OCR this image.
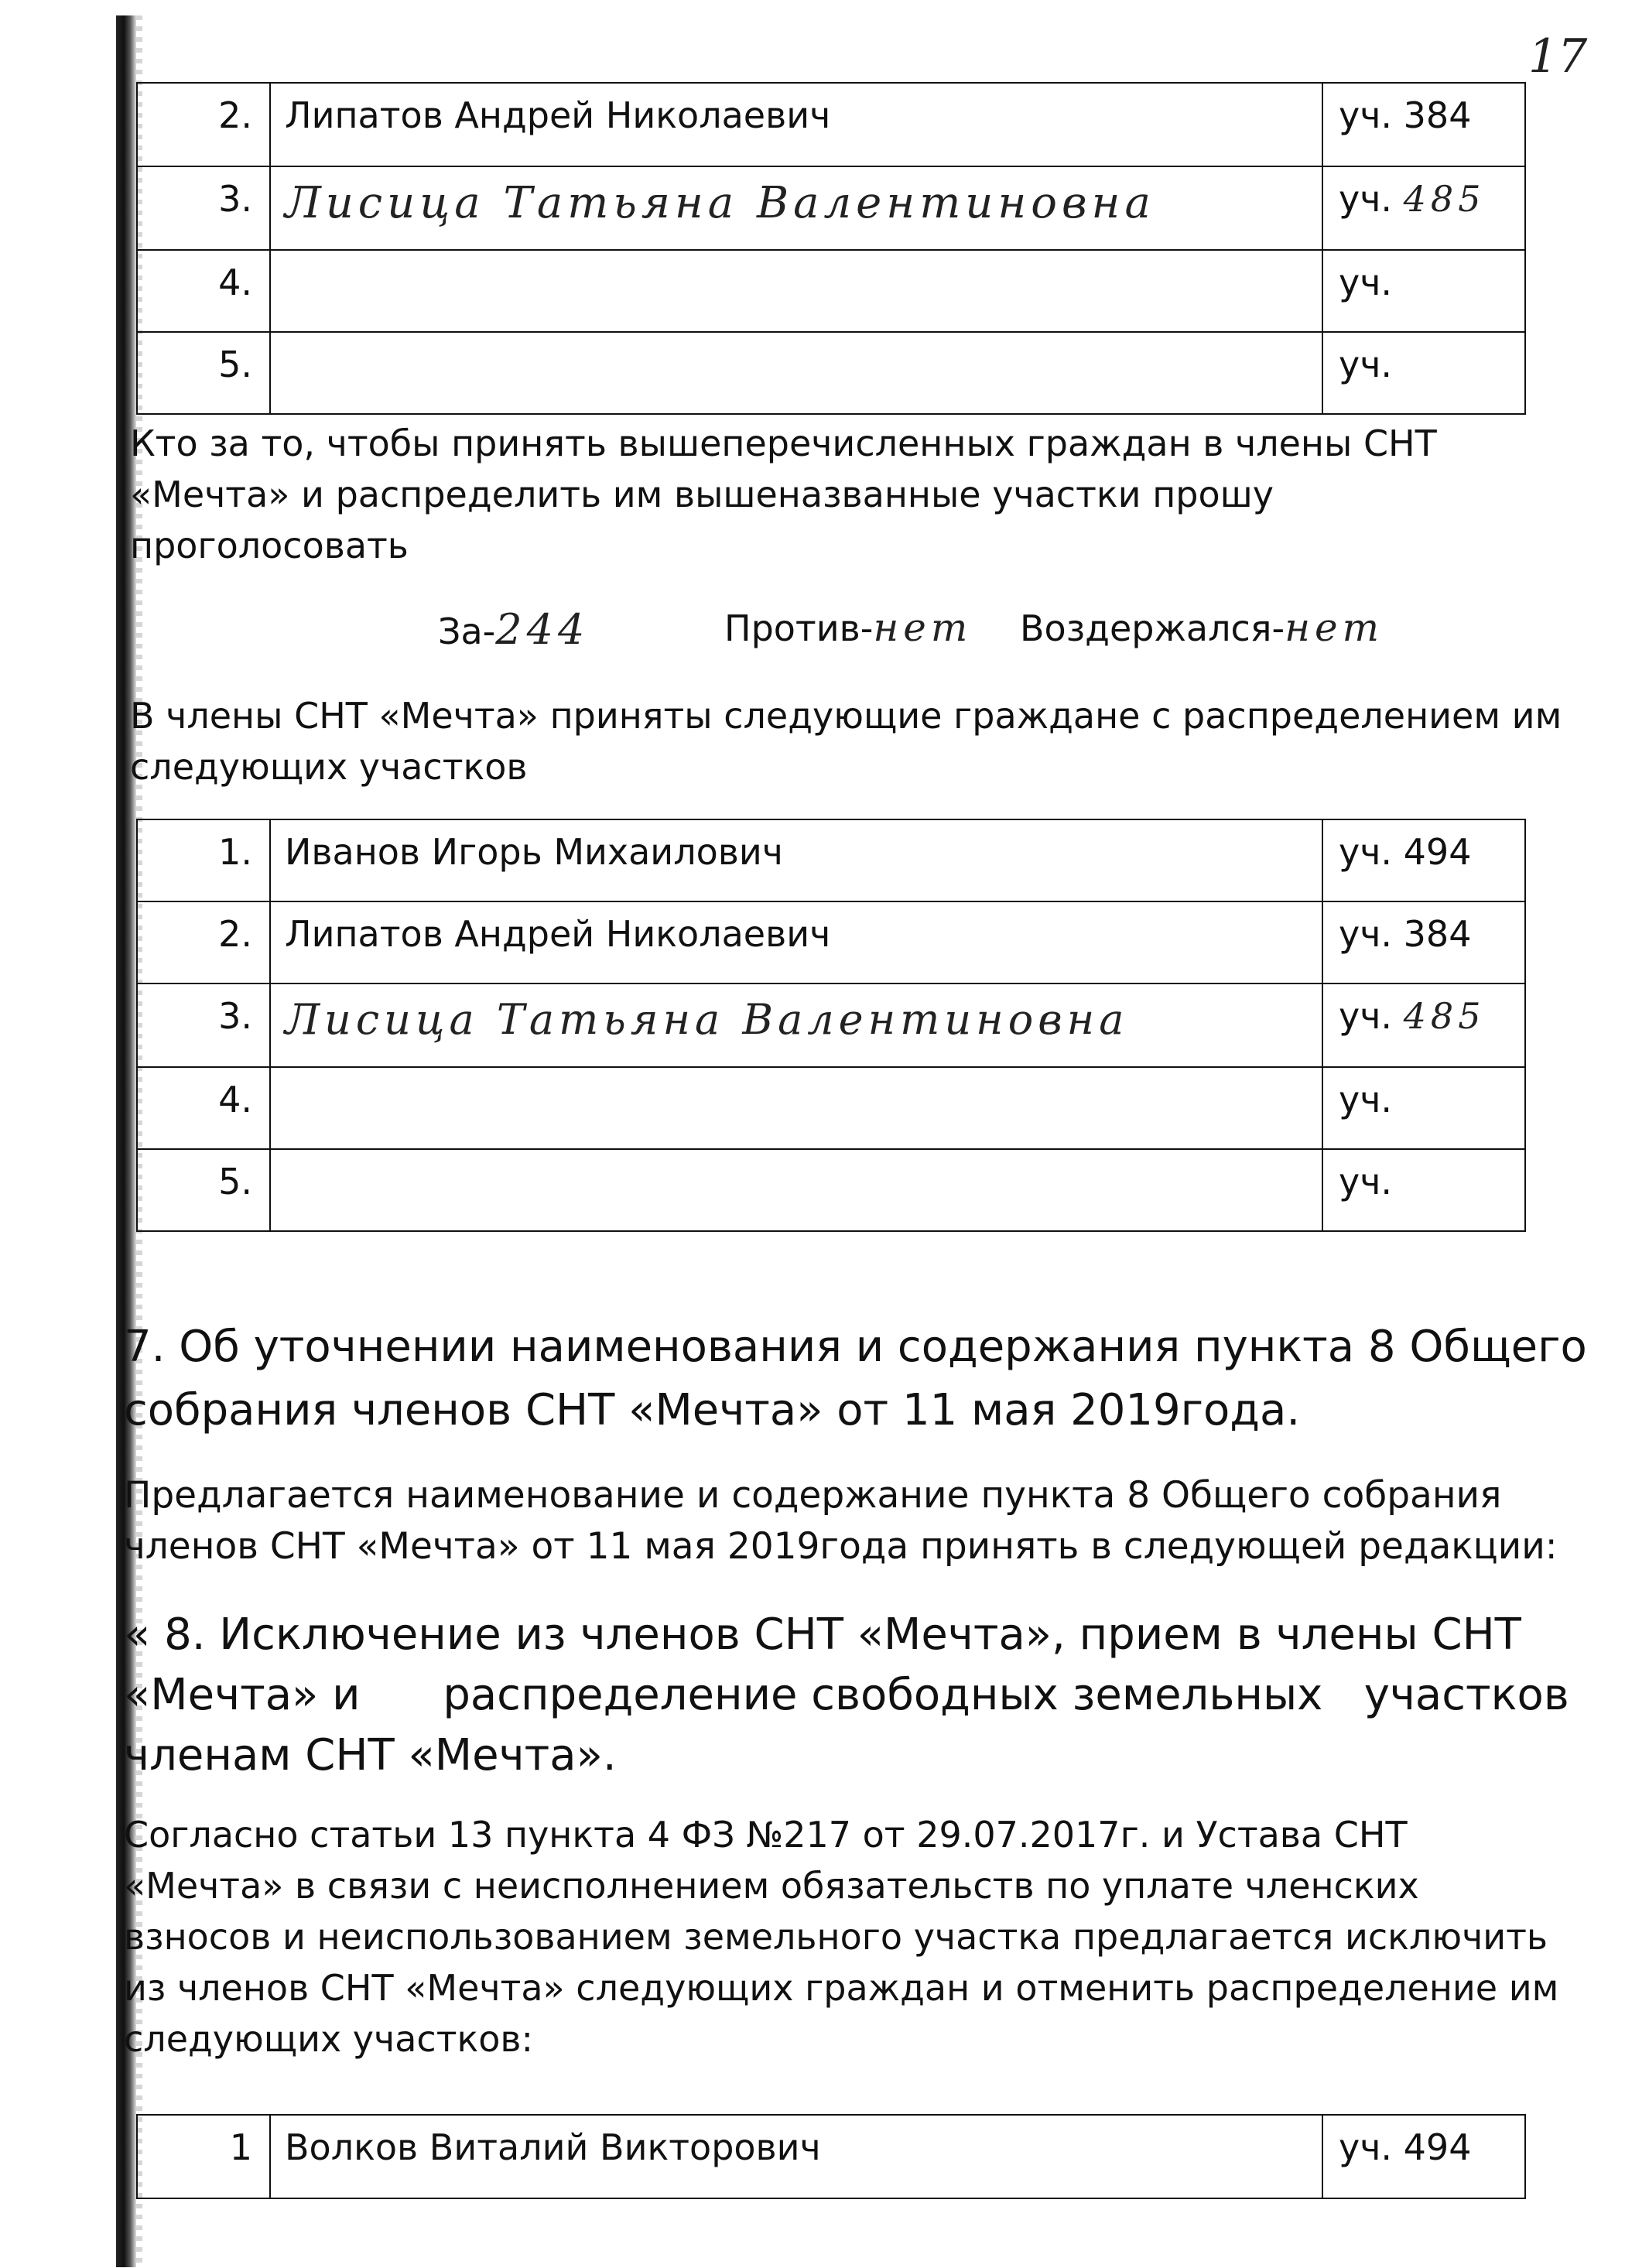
17
2.	Липатов Андрей Николаевич	уч. 384
3.	Лисица Татьяна Валентиновна	уч. 485
4.		уч.
5.		уч.

Кто за то, чтобы принять вышеперечисленных граждан в члены СНТ

«Мечта» и распределить им вышеназванные участки прошу

проголосовать

За-244	Против-нет Воздержался-нет

В члены СНТ «Мечта» приняты следующие граждане с распределением им

следующих участков

1.	Иванов Игорь Михаилович	уч. 494
2.	Липатов Андрей Николаевич	уч. 384
3.	Лисица Татьяна Валентиновна	уч. 485
4.		уч.
5.		уч.

7. Об уточнении наименования и содержания пункта 8 Общего

собрания членов СНТ «Мечта» от 11 мая 2019года.

Предлагается наименование и содержание пункта 8 Общего собрания

членов СНТ «Мечта» от 11 мая 2019года принять в следующей редакции:

« 8. Исключение из членов СНТ «Мечта», прием в члены СНТ

«Мечта» и      распределение свободных земельных   участков

членам СНТ «Мечта».

Согласно статьи 13 пункта 4 ФЗ №217 от 29.07.2017г. и Устава СНТ

«Мечта» в связи с неисполнением обязательств по уплате членских

взносов и неиспользованием земельного участка предлагается исключить

из членов СНТ «Мечта» следующих граждан и отменить распределение им

следующих участков:

1	Волков Виталий Викторович	уч. 494
